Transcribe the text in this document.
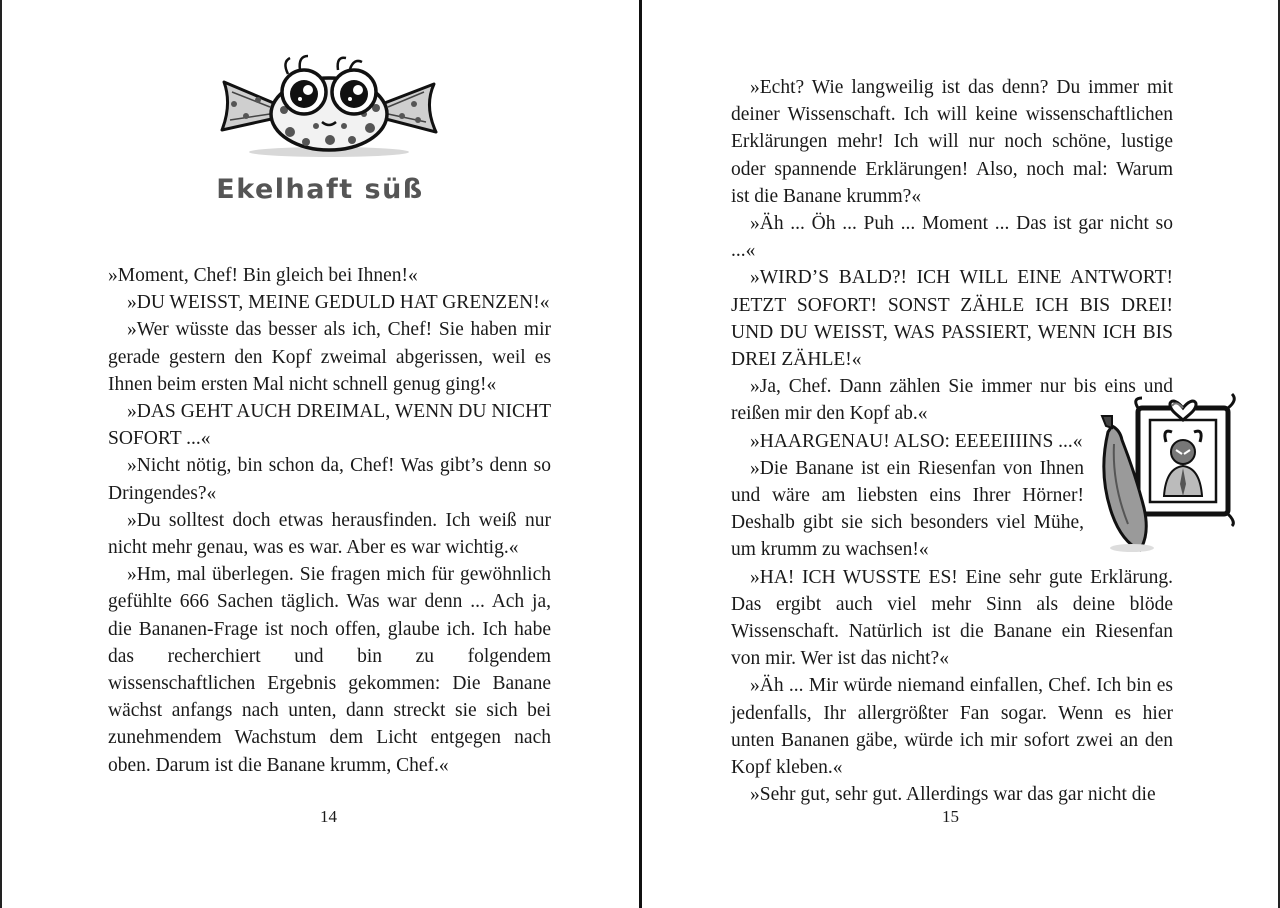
Ekelhaft süß

»Moment, Chef! Bin gleich bei Ihnen!«

»DU WEISST, MEINE GEDULD HAT GRENZEN!«

»Wer wüsste das besser als ich, Chef! Sie haben mir gerade gestern den Kopf zweimal abgerissen, weil es Ihnen beim ersten Mal nicht schnell genug ging!«

»DAS GEHT AUCH DREIMAL, WENN DU NICHT SOFORT ...«

»Nicht nötig, bin schon da, Chef! Was gibt’s denn so Dringendes?«

»Du solltest doch etwas herausfinden. Ich weiß nur nicht mehr genau, was es war. Aber es war wichtig.«

»Hm, mal überlegen. Sie fragen mich für gewöhnlich gefühlte 666 Sachen täglich. Was war denn ... Ach ja, die Bananen-Frage ist noch offen, glaube ich. Ich habe das recherchiert und bin zu folgendem wissenschaftlichen Ergebnis gekommen: Die Banane wächst anfangs nach unten, dann streckt sie sich bei zunehmendem Wachstum dem Licht entgegen nach oben. Darum ist die Banane krumm, Chef.«

14

»Echt? Wie langweilig ist das denn? Du immer mit deiner Wissenschaft. Ich will keine wissenschaftlichen Erklärungen mehr! Ich will nur noch schöne, lustige oder spannende Erklärungen! Also, noch mal: Warum ist die Banane krumm?«

»Äh ... Öh ... Puh ... Moment ... Das ist gar nicht so ...«

»WIRD’S BALD?! ICH WILL EINE ANTWORT! JETZT SOFORT! SONST ZÄHLE ICH BIS DREI! UND DU WEISST, WAS PASSIERT, WENN ICH BIS DREI ZÄHLE!«

»Ja, Chef. Dann zählen Sie immer nur bis eins und reißen mir den Kopf ab.«

»HAARGENAU! ALSO: EEEEIIIINS ...«

»Die Banane ist ein Riesenfan von Ihnen und wäre am liebsten eins Ihrer Hörner! Deshalb gibt sie sich besonders viel Mühe, um krumm zu wachsen!«

»HA! ICH WUSSTE ES! Eine sehr gute Erklärung. Das ergibt auch viel mehr Sinn als deine blöde Wissenschaft. Natürlich ist die Banane ein Riesenfan von mir. Wer ist das nicht?«

»Äh ... Mir würde niemand einfallen, Chef. Ich bin es jedenfalls, Ihr allergrößter Fan sogar. Wenn es hier unten Bananen gäbe, würde ich mir sofort zwei an den Kopf kleben.«

»Sehr gut, sehr gut. Allerdings war das gar nicht die

15
